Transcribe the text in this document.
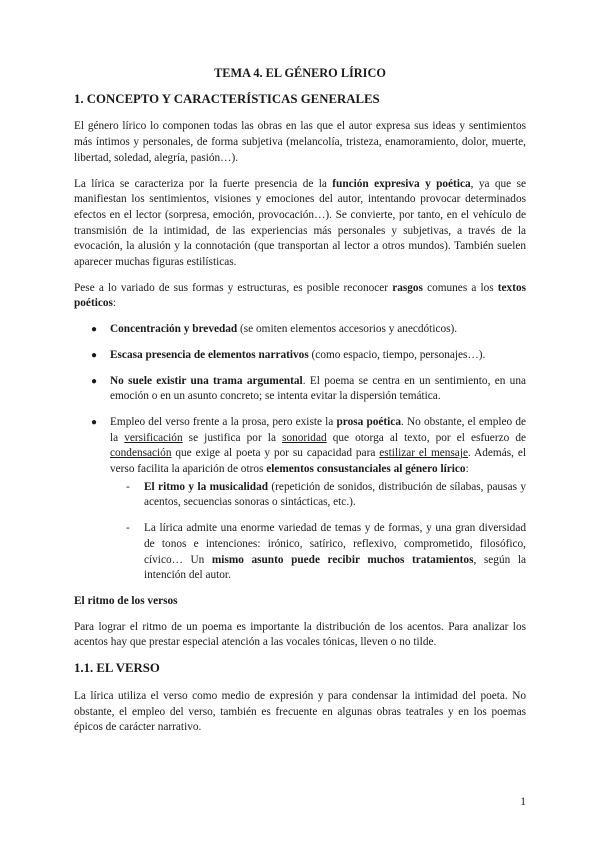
TEMA 4. EL GÉNERO LÍRICO
1. CONCEPTO Y CARACTERÍSTICAS GENERALES

El género lírico lo componen todas las obras en las que el autor expresa sus ideas y sentimientos más íntimos y personales, de forma subjetiva (melancolía, tristeza, enamoramiento, dolor, muerte, libertad, soledad, alegría, pasión…).

La lírica se caracteriza por la fuerte presencia de la función expresiva y poética, ya que se manifiestan los sentimientos, visiones y emociones del autor, intentando provocar determinados efectos en el lector (sorpresa, emoción, provocación…). Se convierte, por tanto, en el vehículo de transmisión de la intimidad, de las experiencias más personales y subjetivas, a través de la evocación, la alusión y la connotación (que transportan al lector a otros mundos). También suelen aparecer muchas figuras estilísticas.

Pese a lo variado de sus formas y estructuras, es posible reconocer rasgos comunes a los textos poéticos:

● Concentración y brevedad (se omiten elementos accesorios y anecdóticos).
● Escasa presencia de elementos narrativos (como espacio, tiempo, personajes…).
● No suele existir una trama argumental. El poema se centra en un sentimiento, en una emoción o en un asunto concreto; se intenta evitar la dispersión temática.
● Empleo del verso frente a la prosa, pero existe la prosa poética. No obstante, el empleo de la versificación se justifica por la sonoridad que otorga al texto, por el esfuerzo de condensación que exige al poeta y por su capacidad para estilizar el mensaje. Además, el verso facilita la aparición de otros elementos consustanciales al género lírico:
- El ritmo y la musicalidad (repetición de sonidos, distribución de sílabas, pausas y acentos, secuencias sonoras o sintácticas, etc.).
- La lírica admite una enorme variedad de temas y de formas, y una gran diversidad de tonos e intenciones: irónico, satírico, reflexivo, comprometido, filosófico, cívico… Un mismo asunto puede recibir muchos tratamientos, según la intención del autor.
El ritmo de los versos

Para lograr el ritmo de un poema es importante la distribución de los acentos. Para analizar los acentos hay que prestar especial atención a las vocales tónicas, lleven o no tilde.

1.1. EL VERSO

La lírica utiliza el verso como medio de expresión y para condensar la intimidad del poeta. No obstante, el empleo del verso, también es frecuente en algunas obras teatrales y en los poemas épicos de carácter narrativo.

1
